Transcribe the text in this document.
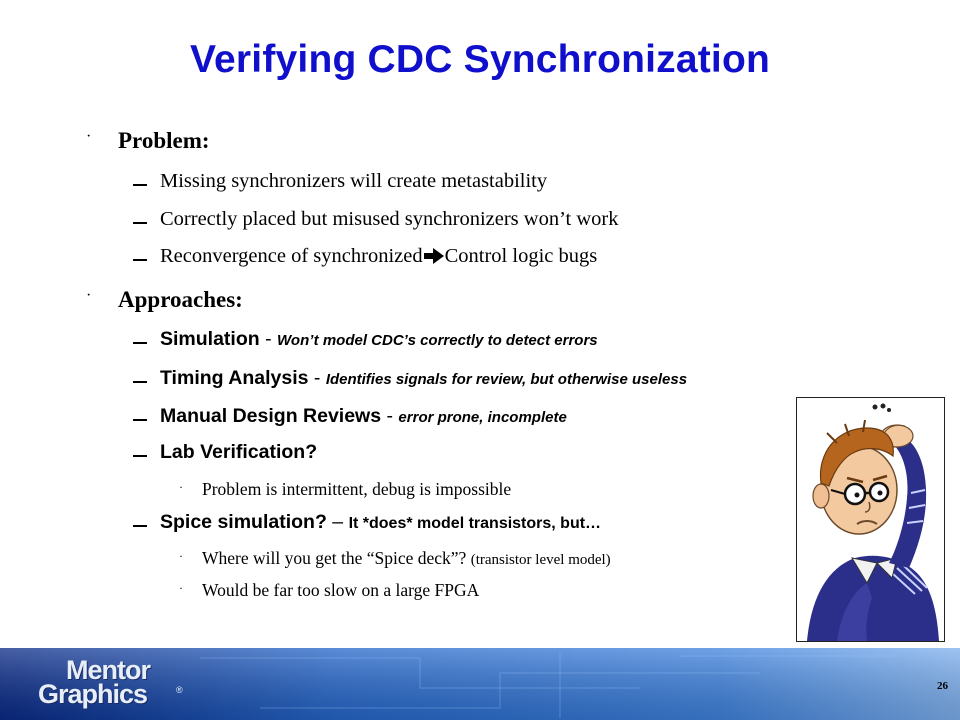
Verifying CDC Synchronization
· Problem:
Missing synchronizers will create metastability
Correctly placed but misused synchronizers won’t work
Reconvergence of synchronized Control logic bugs
· Approaches:
Simulation - Won’t model CDC’s correctly to detect errors
Timing Analysis - Identifies signals for review, but otherwise useless
Manual Design Reviews - error prone, incomplete
Lab Verification?
· Problem is intermittent, debug is impossible
Spice simulation? – It *does* model transistors, but…
· Where will you get the “Spice deck”? (transistor level model)
· Would be far too slow on a large FPGA
Mentor
Graphics	®	26
